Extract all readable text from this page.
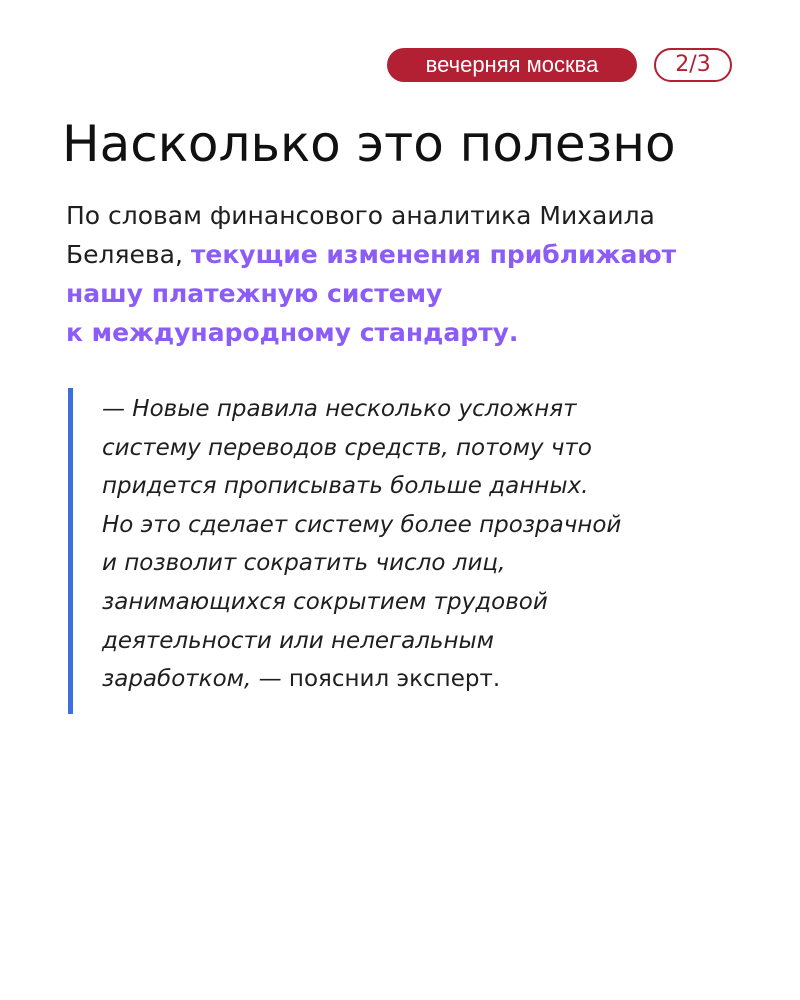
вечерняя москва	2/3
Насколько это полезно

По словам финансового аналитика Михаила
Беляева, текущие изменения приближают
нашу платежную систему
к международному стандарту.

— Новые правила несколько усложнят
систему переводов средств, потому что
придется прописывать больше данных.
Но это сделает систему более прозрачной
и позволит сократить число лиц,
занимающихся сокрытием трудовой
деятельности или нелегальным
заработком, — пояснил эксперт.
